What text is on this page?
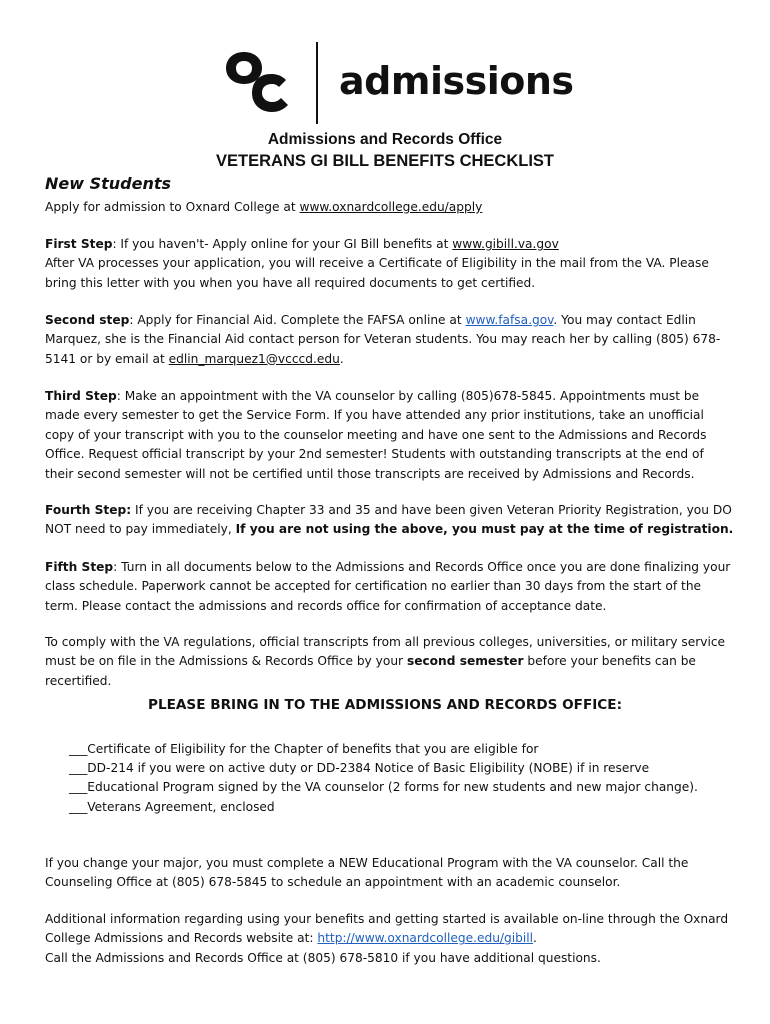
admissions
Admissions and Records Office
VETERANS GI BILL BENEFITS CHECKLIST
New Students
Apply for admission to Oxnard College at www.oxnardcollege.edu/apply
First Step: If you haven't- Apply online for your GI Bill benefits at www.gibill.va.gov
After VA processes your application, you will receive a Certificate of Eligibility in the mail from the VA. Please bring this letter with you when you have all required documents to get certified.
Second step: Apply for Financial Aid. Complete the FAFSA online at www.fafsa.gov. You may contact Edlin Marquez, she is the Financial Aid contact person for Veteran students. You may reach her by calling (805) 678-5141 or by email at edlin_marquez1@vcccd.edu.
Third Step: Make an appointment with the VA counselor by calling (805)678-5845. Appointments must be made every semester to get the Service Form. If you have attended any prior institutions, take an unofficial copy of your transcript with you to the counselor meeting and have one sent to the Admissions and Records Office. Request official transcript by your 2nd semester! Students with outstanding transcripts at the end of their second semester will not be certified until those transcripts are received by Admissions and Records.
Fourth Step: If you are receiving Chapter 33 and 35 and have been given Veteran Priority Registration, you DO NOT need to pay immediately, If you are not using the above, you must pay at the time of registration.
Fifth Step: Turn in all documents below to the Admissions and Records Office once you are done finalizing your class schedule. Paperwork cannot be accepted for certification no earlier than 30 days from the start of the term. Please contact the admissions and records office for confirmation of acceptance date.
To comply with the VA regulations, official transcripts from all previous colleges, universities, or military service must be on file in the Admissions & Records Office by your second semester before your benefits can be recertified.
PLEASE BRING IN TO THE ADMISSIONS AND RECORDS OFFICE:
___Certificate of Eligibility for the Chapter of benefits that you are eligible for
___DD-214 if you were on active duty or DD-2384 Notice of Basic Eligibility (NOBE) if in reserve
___Educational Program signed by the VA counselor (2 forms for new students and new major change).
___Veterans Agreement, enclosed
If you change your major, you must complete a NEW Educational Program with the VA counselor. Call the Counseling Office at (805) 678-5845 to schedule an appointment with an academic counselor.
Additional information regarding using your benefits and getting started is available on-line through the Oxnard College Admissions and Records website at: http://www.oxnardcollege.edu/gibill.
Call the Admissions and Records Office at (805) 678-5810 if you have additional questions.
